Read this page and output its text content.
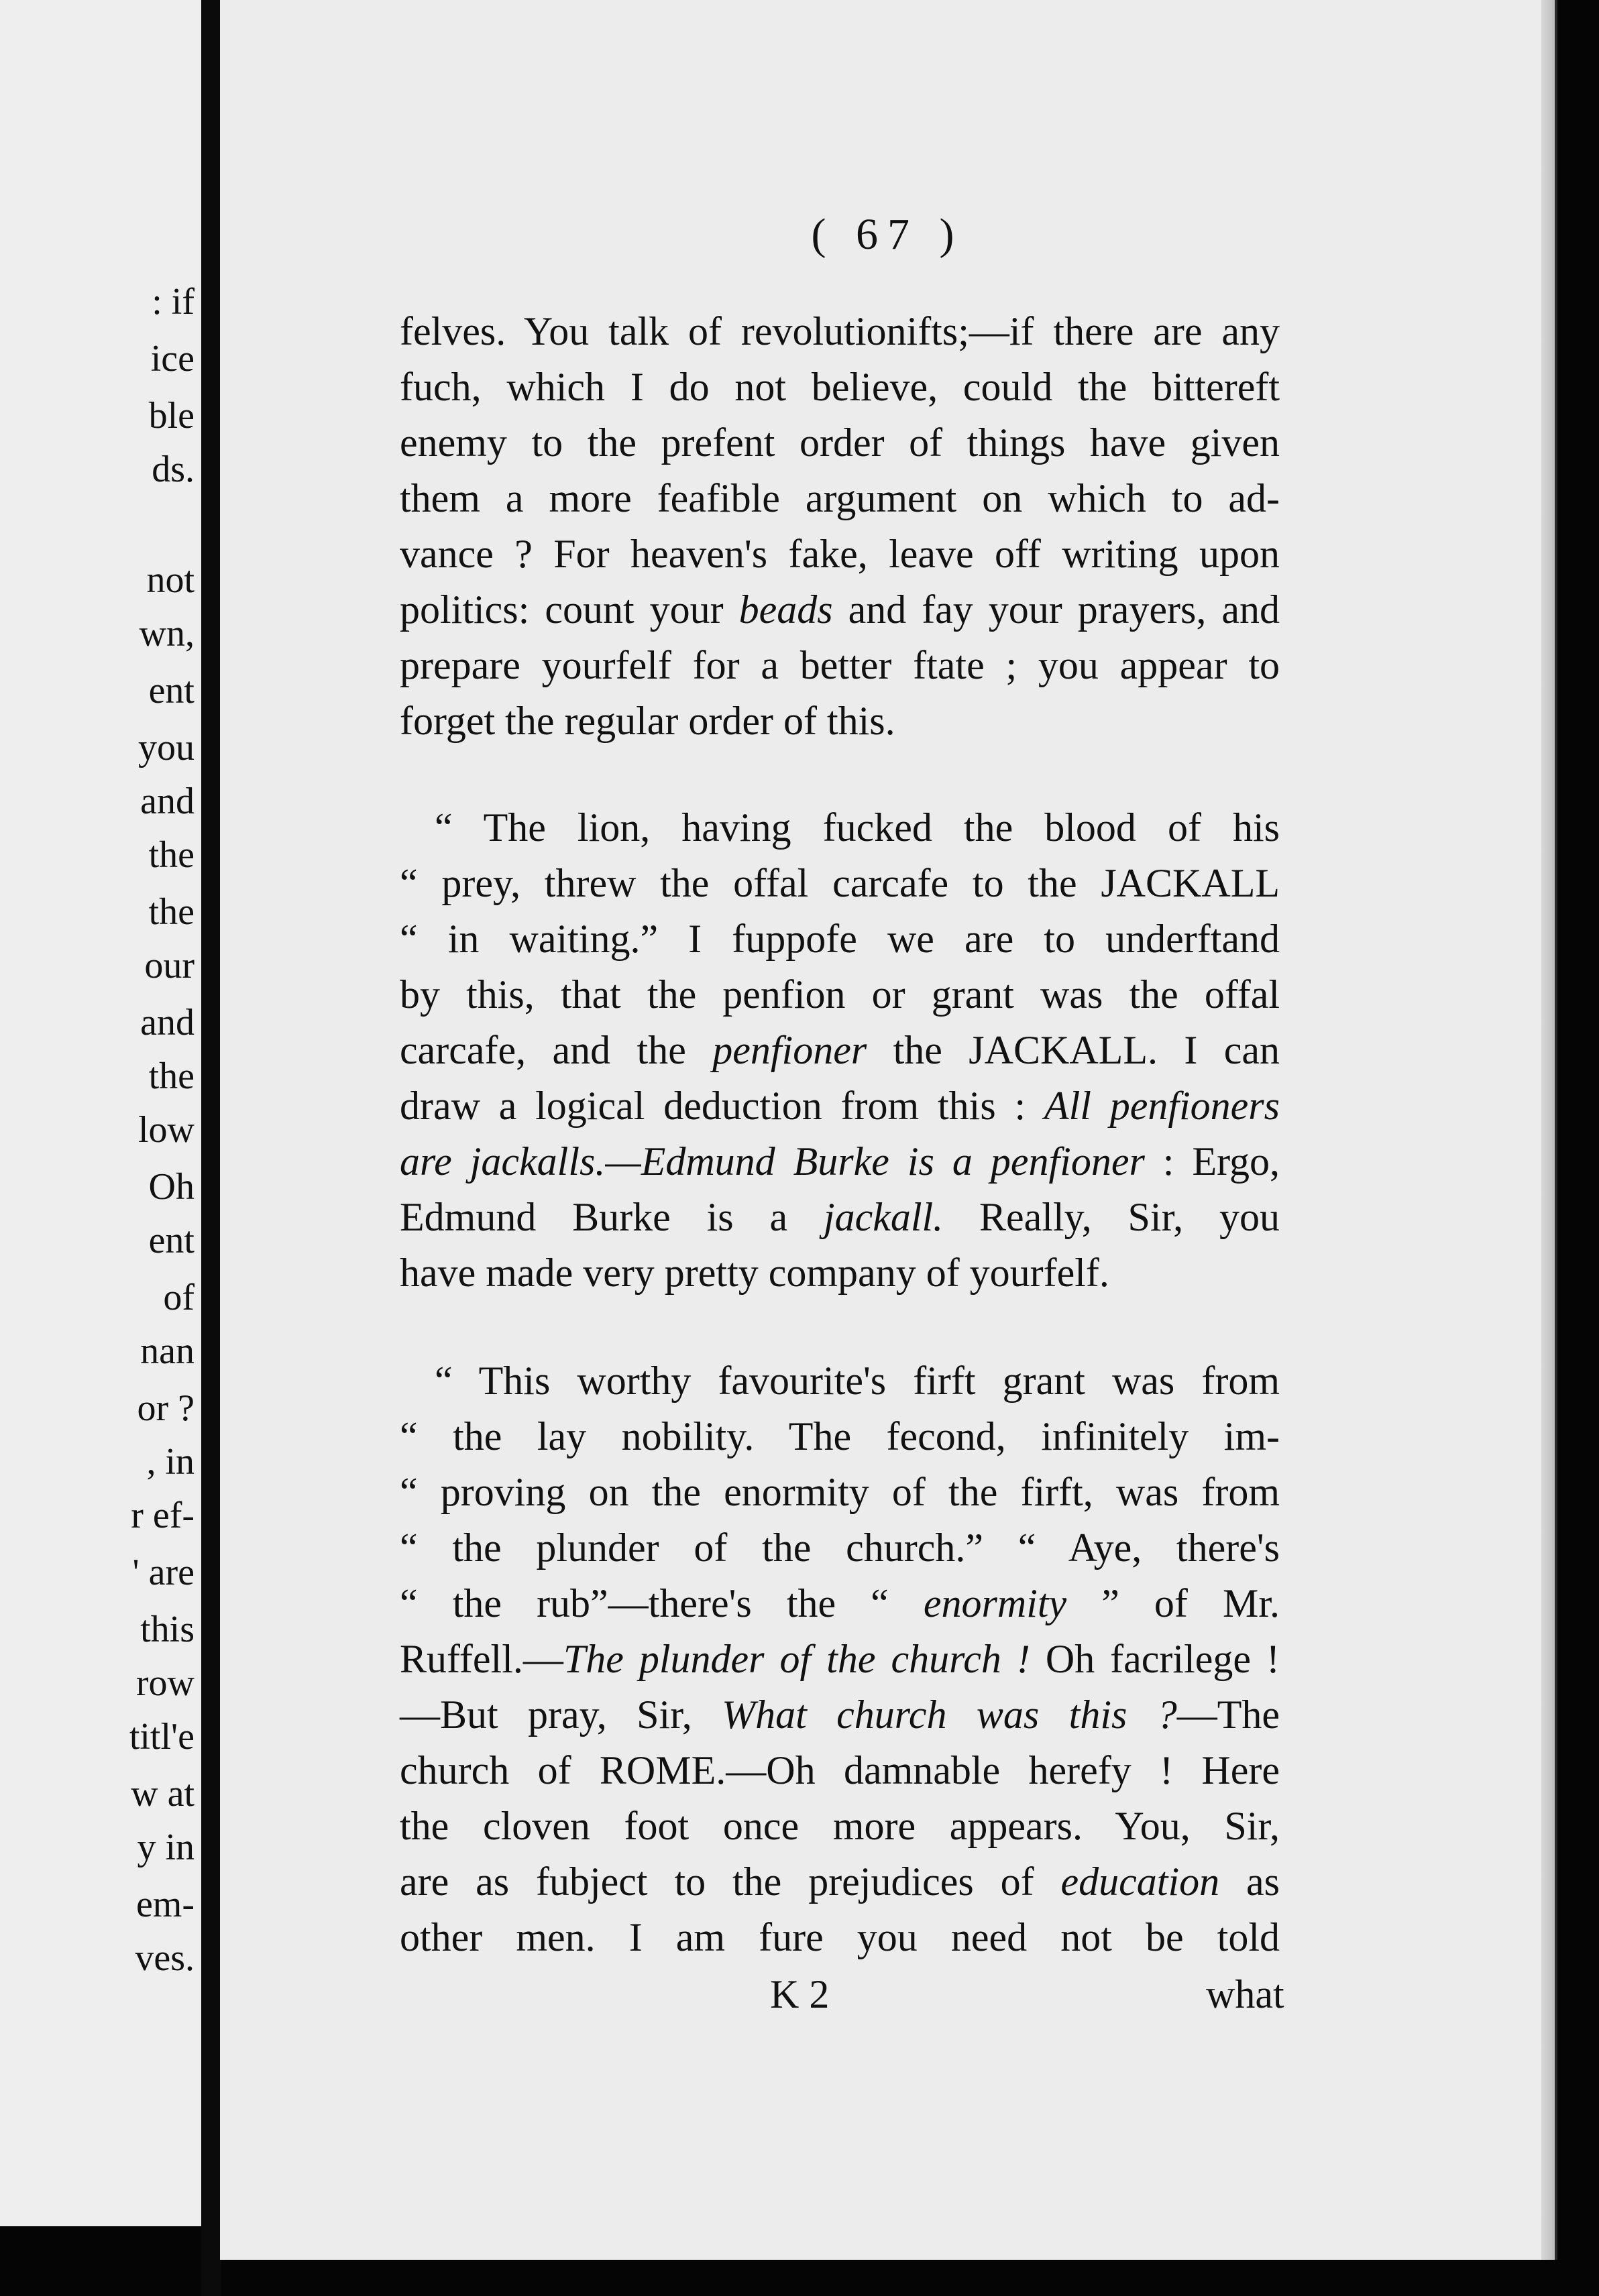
: if
ice
ble
ds.
not
wn,
ent
you
and
the
the
our
and
the
low
Oh
ent
of
nan
or ?
, in
r ef-
' are
this
row
titl'e
w at
y in
em-
ves.
( 67 )
felves. You talk of revolutionifts;—if there are any
fuch, which I do not believe, could the bittereft
enemy to the prefent order of things have given
them a more feafible argument on which to ad-
vance ? For heaven's fake, leave off writing upon
politics: count your beads and fay your prayers, and
prepare yourfelf for a better ftate ; you appear to
forget the regular order of this.
“ The lion, having fucked the blood of his
“ prey, threw the offal carcafe to the JACKALL
“ in waiting.” I fuppofe we are to underftand
by this, that the penfion or grant was the offal
carcafe, and the penfioner the JACKALL. I can
draw a logical deduction from this : All penfioners
are jackalls.—Edmund Burke is a penfioner : Ergo,
Edmund Burke is a jackall. Really, Sir, you
have made very pretty company of yourfelf.
“ This worthy favourite's firft grant was from
“ the lay nobility. The fecond, infinitely im-
“ proving on the enormity of the firft, was from
“ the plunder of the church.” “ Aye, there's
“ the rub”—there's the “ enormity ” of Mr.
Ruffell.—The plunder of the church ! Oh facrilege !
—But pray, Sir, What church was this ?—The
church of ROME.—Oh damnable herefy ! Here
the cloven foot once more appears. You, Sir,
are as fubject to the prejudices of education as
other men. I am fure you need not be told
K 2	what
